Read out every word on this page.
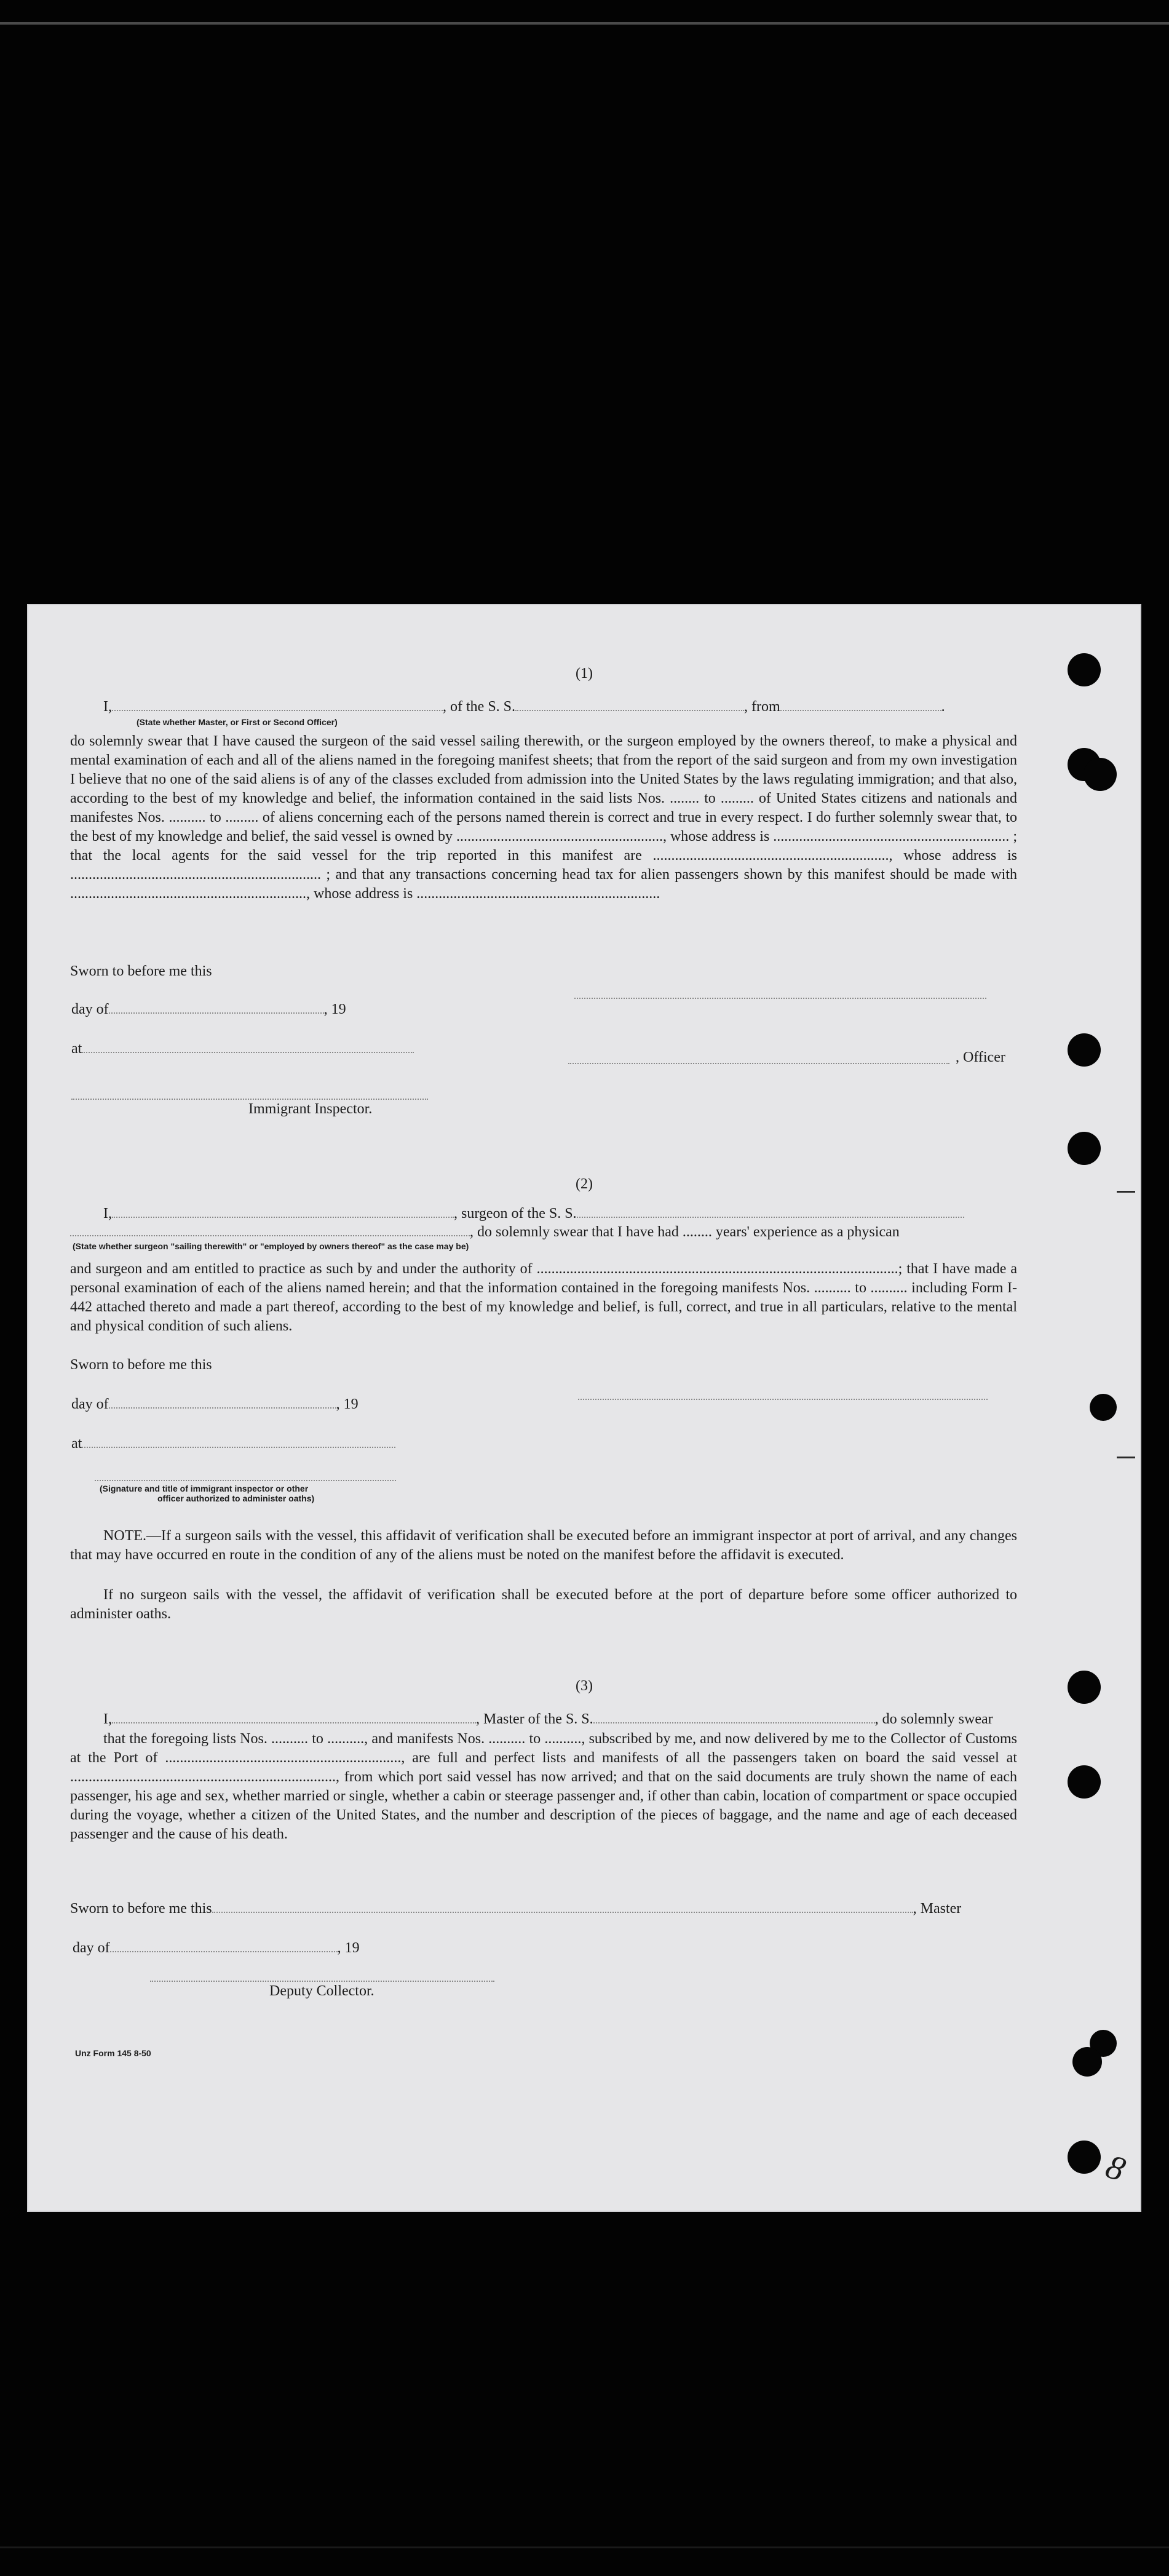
8
(1)
I,	, of the S. S.	, from	.
(State whether Master, or First or Second Officer)
do solemnly swear that I have caused the surgeon of the said vessel sailing therewith, or the surgeon employed by the owners thereof, to make a physical and mental examination of each and all of the aliens named in the foregoing manifest sheets; that from the report of the said surgeon and from my own investigation I believe that no one of the said aliens is of any of the classes excluded from admission into the United States by the laws regulating immigration; and that also, according to the best of my knowledge and belief, the information contained in the said lists Nos. ........ to ......... of United States citizens and nationals and manifestes Nos. .......... to ......... of aliens concerning each of the persons named therein is correct and true in every respect. I do further solemnly swear that, to the best of my knowledge and belief, the said vessel is owned by ........................................................, whose address is ................................................................ ; that the local agents for the said vessel for the trip reported in this manifest are ................................................................, whose address is .................................................................... ; and that any transactions concerning head tax for alien passengers shown by this manifest should be made with ................................................................, whose address is ..................................................................
Sworn to before me this
day of	, 19
at
, Officer
Immigrant Inspector.
(2)
I,	, surgeon of the S. S.
, do solemnly swear that I have had ........ years' experience as a physican
(State whether surgeon "sailing therewith" or "employed by owners thereof" as the case may be)
and surgeon and am entitled to practice as such by and under the authority of ..................................................................................................; that I have made a personal examination of each of the aliens named herein; and that the information contained in the foregoing manifests Nos. .......... to .......... including Form I-442 attached thereto and made a part thereof, according to the best of my knowledge and belief, is full, correct, and true in all particulars, relative to the mental and physical condition of such aliens.
Sworn to before me this
day of	, 19
at
(Signature and title of immigrant inspector or other
officer authorized to administer oaths)
NOTE.—If a surgeon sails with the vessel, this affidavit of verification shall be executed before an immigrant inspector at port of arrival, and any changes that may have occurred en route in the condition of any of the aliens must be noted on the manifest before the affidavit is executed.
If no surgeon sails with the vessel, the affidavit of verification shall be executed before at the port of departure before some officer authorized to administer oaths.
(3)
I,	, Master of the S. S.	, do solemnly swear
that the foregoing lists Nos. .......... to .........., and manifests Nos. .......... to .........., subscribed by me, and now delivered by me to the Collector of Customs at the Port of ................................................................, are full and perfect lists and manifests of all the passengers taken on board the said vessel at ........................................................................, from which port said vessel has now arrived; and that on the said documents are truly shown the name of each passenger, his age and sex, whether married or single, whether a cabin or steerage passenger and, if other than cabin, location of compartment or space occupied during the voyage, whether a citizen of the United States, and the number and description of the pieces of baggage, and the name and age of each deceased passenger and the cause of his death.
Sworn to before me this	, Master
day of	, 19
Deputy Collector.
Unz Form 145 8-50
